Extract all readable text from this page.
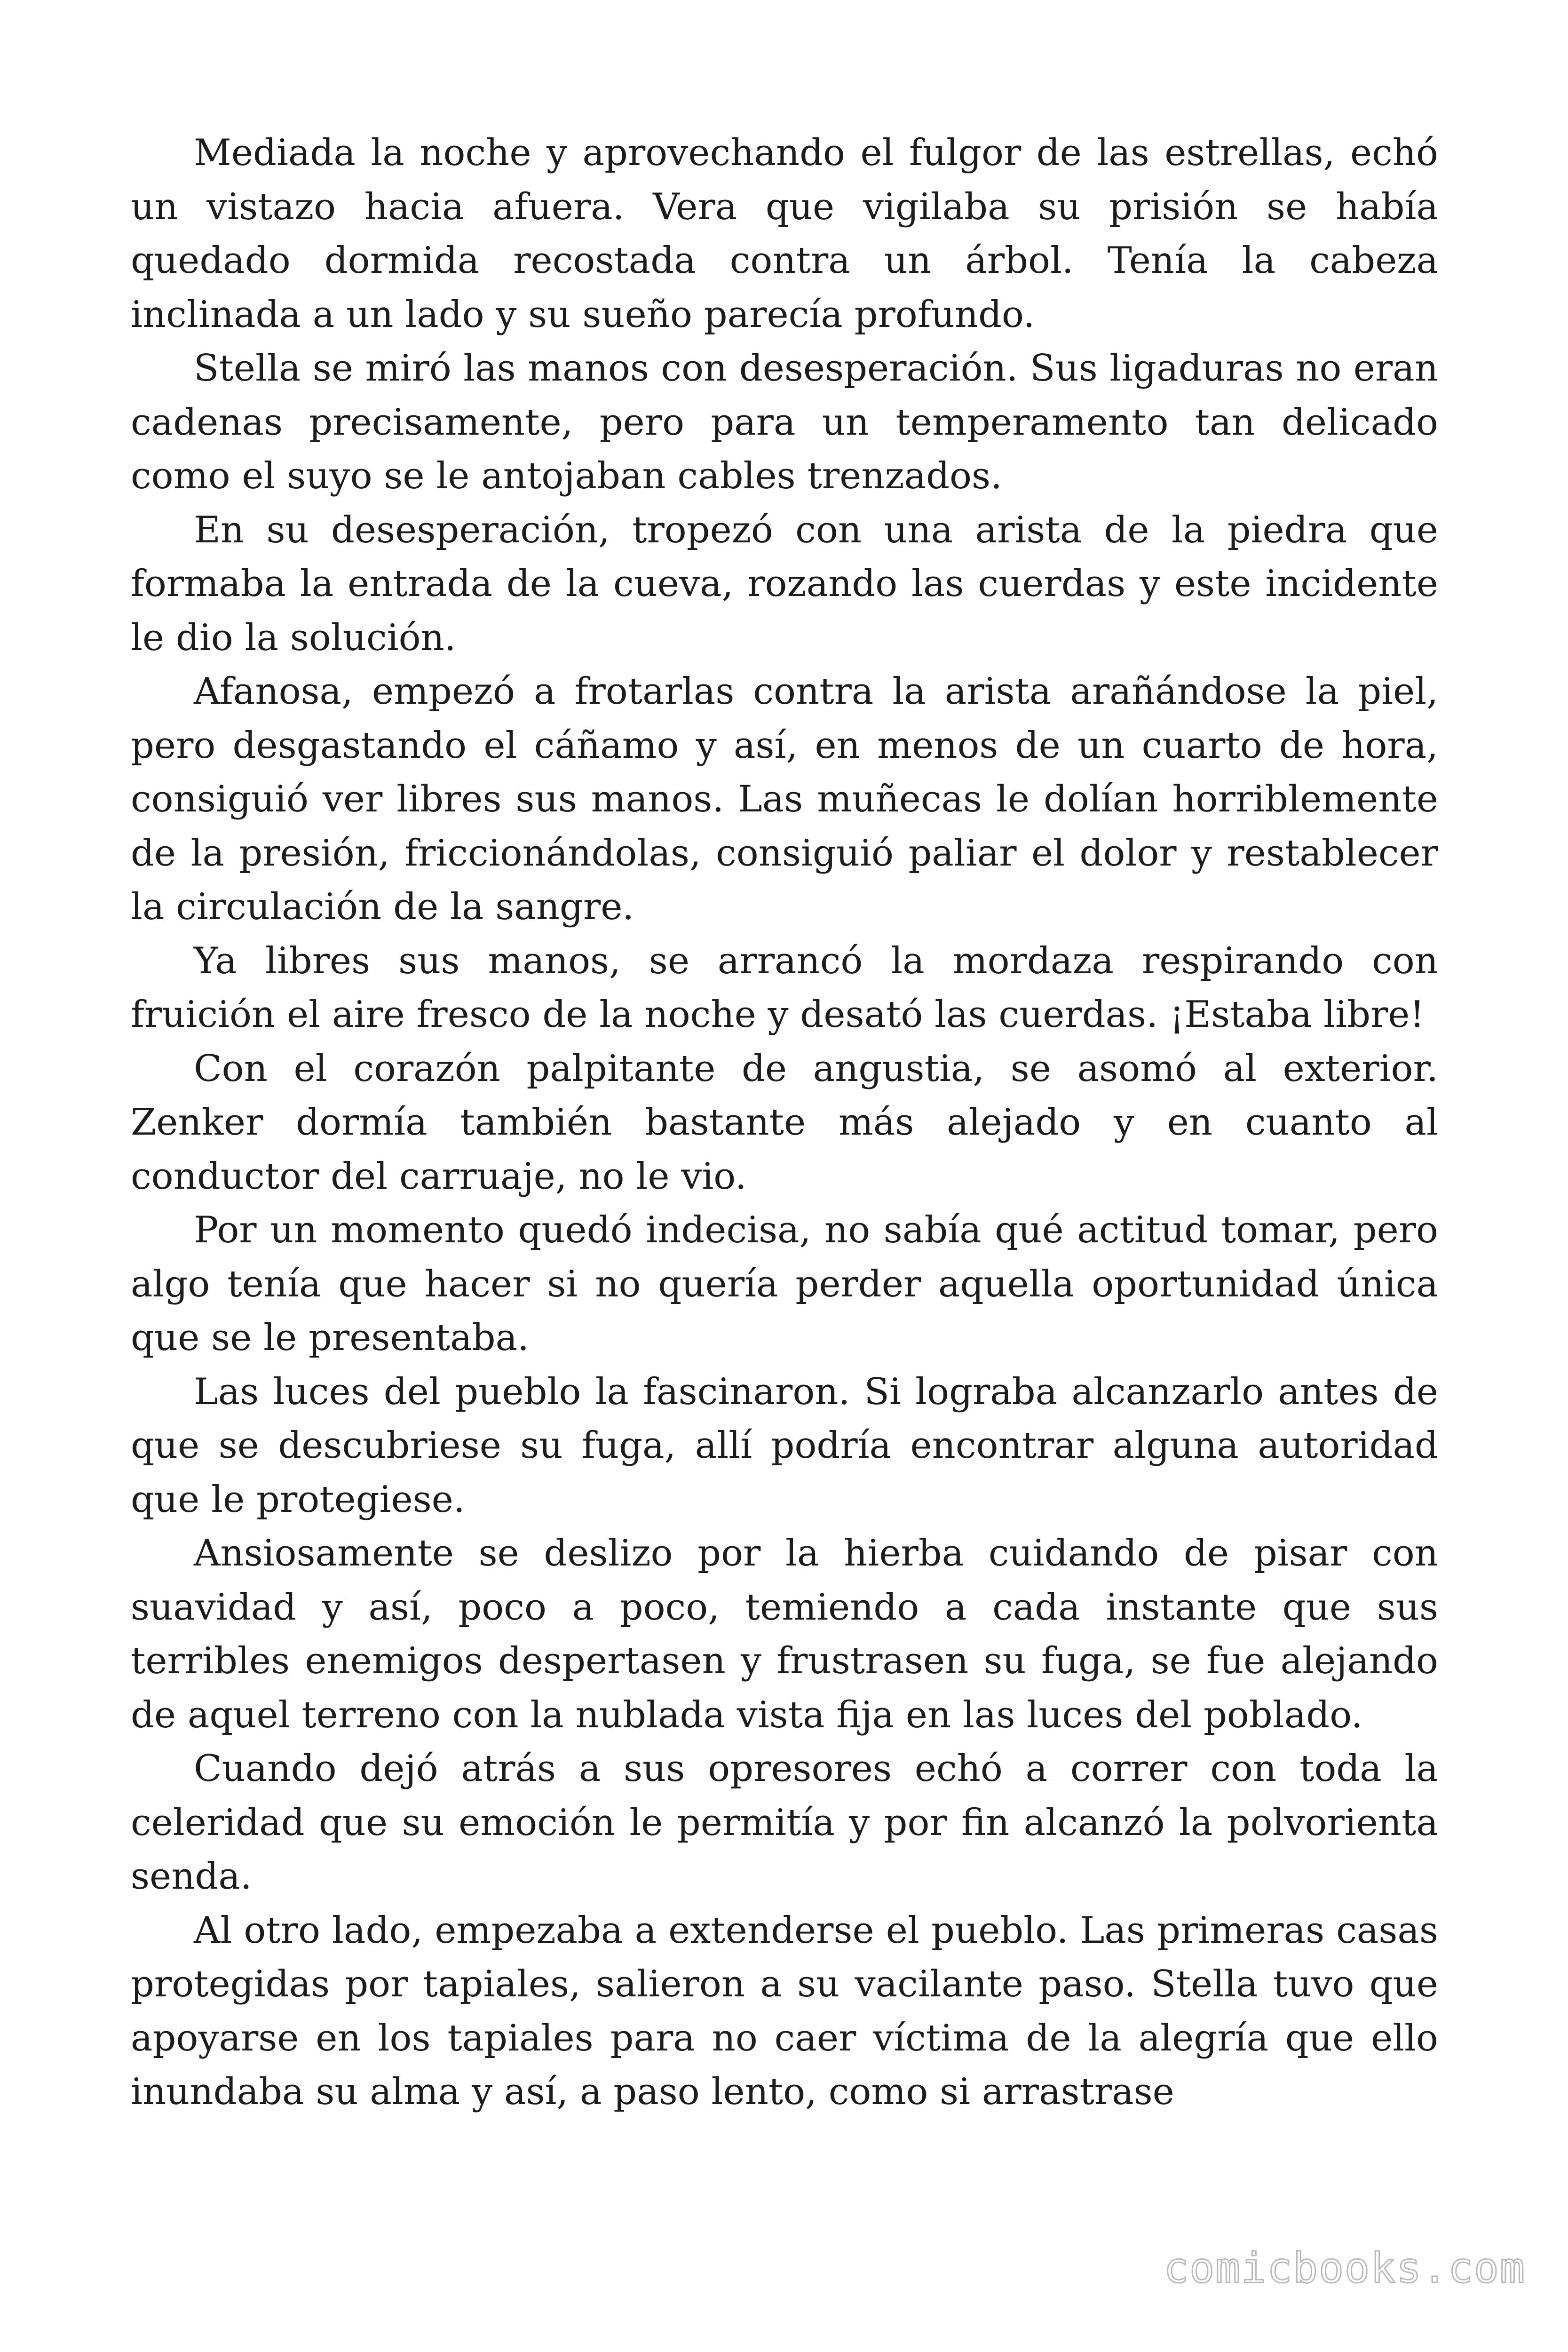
Mediada la noche y aprovechando el fulgor de las estrellas, echó un vistazo hacia afuera. Vera que vigilaba su prisión se había quedado dormida recostada contra un árbol. Tenía la cabeza inclinada a un lado y su sueño parecía profundo.

Stella se miró las manos con desesperación. Sus ligaduras no eran cadenas precisamente, pero para un temperamento tan delicado como el suyo se le antojaban cables trenzados.

En su desesperación, tropezó con una arista de la piedra que formaba la entrada de la cueva, rozando las cuerdas y este incidente le dio la solución.

Afanosa, empezó a frotarlas contra la arista arañándose la piel, pero desgastando el cáñamo y así, en menos de un cuarto de hora, consiguió ver libres sus manos. Las muñecas le dolían horriblemente de la presión, friccionándolas, consiguió paliar el dolor y restablecer la circulación de la sangre.

Ya libres sus manos, se arrancó la mordaza respirando con fruición el aire fresco de la noche y desató las cuerdas. ¡Estaba libre!

Con el corazón palpitante de angustia, se asomó al exterior. Zenker dormía también bastante más alejado y en cuanto al conductor del carruaje, no le vio.

Por un momento quedó indecisa, no sabía qué actitud tomar, pero algo tenía que hacer si no quería perder aquella oportunidad única que se le presentaba.

Las luces del pueblo la fascinaron. Si lograba alcanzarlo antes de que se descubriese su fuga, allí podría encontrar alguna autoridad que le protegiese.

Ansiosamente se deslizo por la hierba cuidando de pisar con suavidad y así, poco a poco, temiendo a cada instante que sus terribles enemigos despertasen y frustrasen su fuga, se fue alejando de aquel terreno con la nublada vista fija en las luces del poblado.

Cuando dejó atrás a sus opresores echó a correr con toda la celeridad que su emoción le permitía y por fin alcanzó la polvorienta senda.

Al otro lado, empezaba a extenderse el pueblo. Las primeras casas protegidas por tapiales, salieron a su vacilante paso. Stella tuvo que apoyarse en los tapiales para no caer víctima de la alegría que ello inundaba su alma y así, a paso lento, como si arrastrase

comicbooks.com
